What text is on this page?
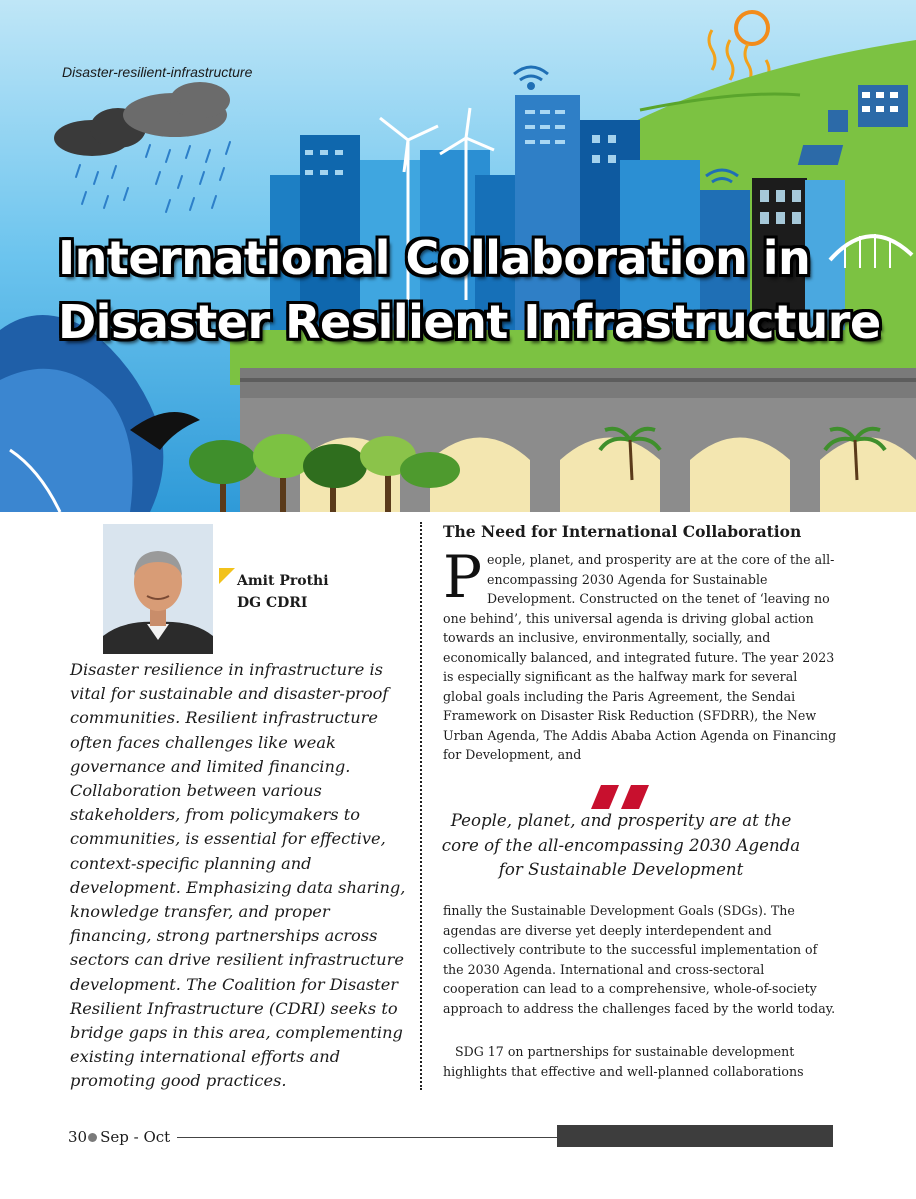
Disaster-resilient-infrastructure
International Collaboration in
Disaster Resilient Infrastructure
Amit Prothi
DG CDRI

Disaster resilience in infrastructure is vital for sustainable and disaster-proof communities. Resilient infrastructure often faces challenges like weak governance and limited financing. Collaboration between various stakeholders, from policymakers to communities, is essential for effective, context-specific planning and development. Emphasizing data sharing, knowledge transfer, and proper financing, strong partnerships across sectors can drive resilient infrastructure development. The Coalition for Disaster Resilient Infrastructure (CDRI) seeks to bridge gaps in this area, complementing existing international efforts and promoting good practices.

The Need for International Collaboration

People, planet, and prosperity are at the core of the all-encompassing 2030 Agenda for Sustainable Development. Constructed on the tenet of ‘leaving no one behind’, this universal agenda is driving global action towards an inclusive, environmentally, socially, and economically balanced, and integrated future. The year 2023 is especially significant as the halfway mark for several global goals including the Paris Agreement, the Sendai Framework on Disaster Risk Reduction (SFDRR), the New Urban Agenda, The Addis Ababa Action Agenda on Financing for Development, and

People, planet, and prosperity are at the core of the all-encompassing 2030 Agenda for Sustainable Development

finally the Sustainable Development Goals (SDGs). The agendas are diverse yet deeply interdependent and collectively contribute to the successful implementation of the 2030 Agenda. International and cross-sectoral cooperation can lead to a comprehensive, whole-of-society approach to address the challenges faced by the world today.

SDG 17 on partnerships for sustainable development highlights that effective and well-planned collaborations

30 Sep - Oct
